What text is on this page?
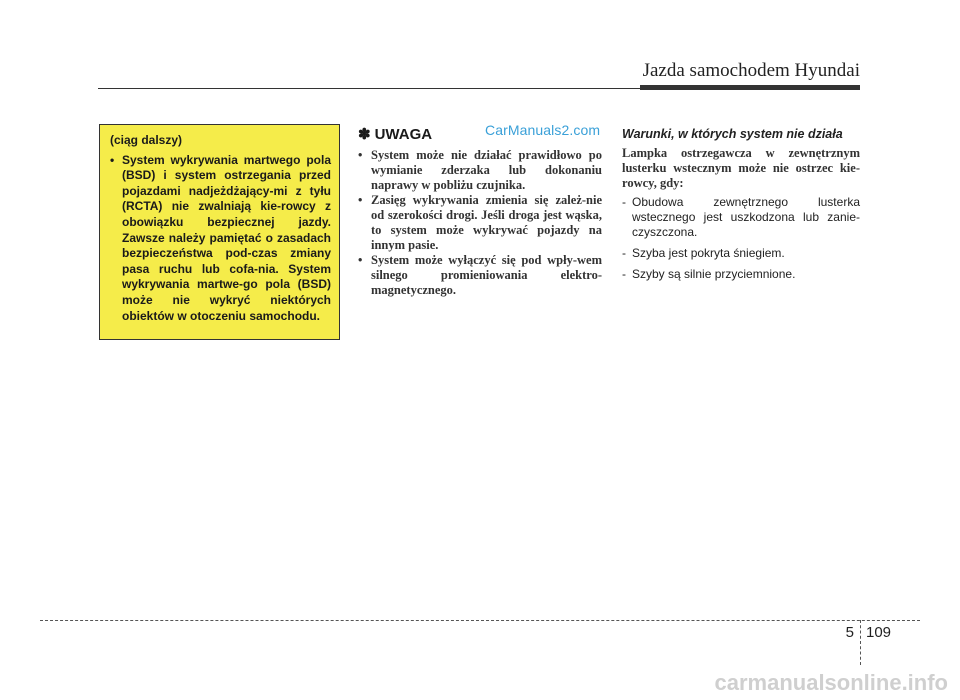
Jazda samochodem Hyundai
(ciąg dalszy)
• System wykrywania martwego pola (BSD) i system ostrzegania przed pojazdami nadjeżdżający-mi z tyłu (RCTA) nie zwalniają kie-rowcy z obowiązku bezpiecznej jazdy. Zawsze należy pamiętać o zasadach bezpieczeństwa pod-czas zmiany pasa ruchu lub cofa-nia. System wykrywania martwe-go pola (BSD) może nie wykryć niektórych obiektów w otoczeniu samochodu.
CarManuals2.com
✽ UWAGA
• System może nie działać prawidłowo po wymianie zderzaka lub dokonaniu naprawy w pobliżu czujnika.
• Zasięg wykrywania zmienia się zależ-nie od szerokości drogi. Jeśli droga jest wąska, to system może wykrywać pojazdy na innym pasie.
• System może wyłączyć się pod wpły-wem silnego promieniowania elektro-magnetycznego.
Warunki, w których system nie działa
Lampka ostrzegawcza w zewnętrznym lusterku wstecznym może nie ostrzec kie-rowcy, gdy:
- Obudowa zewnętrznego lusterka wstecznego jest uszkodzona lub zanie-czyszczona.
- Szyba jest pokryta śniegiem.
- Szyby są silnie przyciemnione.
5 109
carmanualsonline.info
